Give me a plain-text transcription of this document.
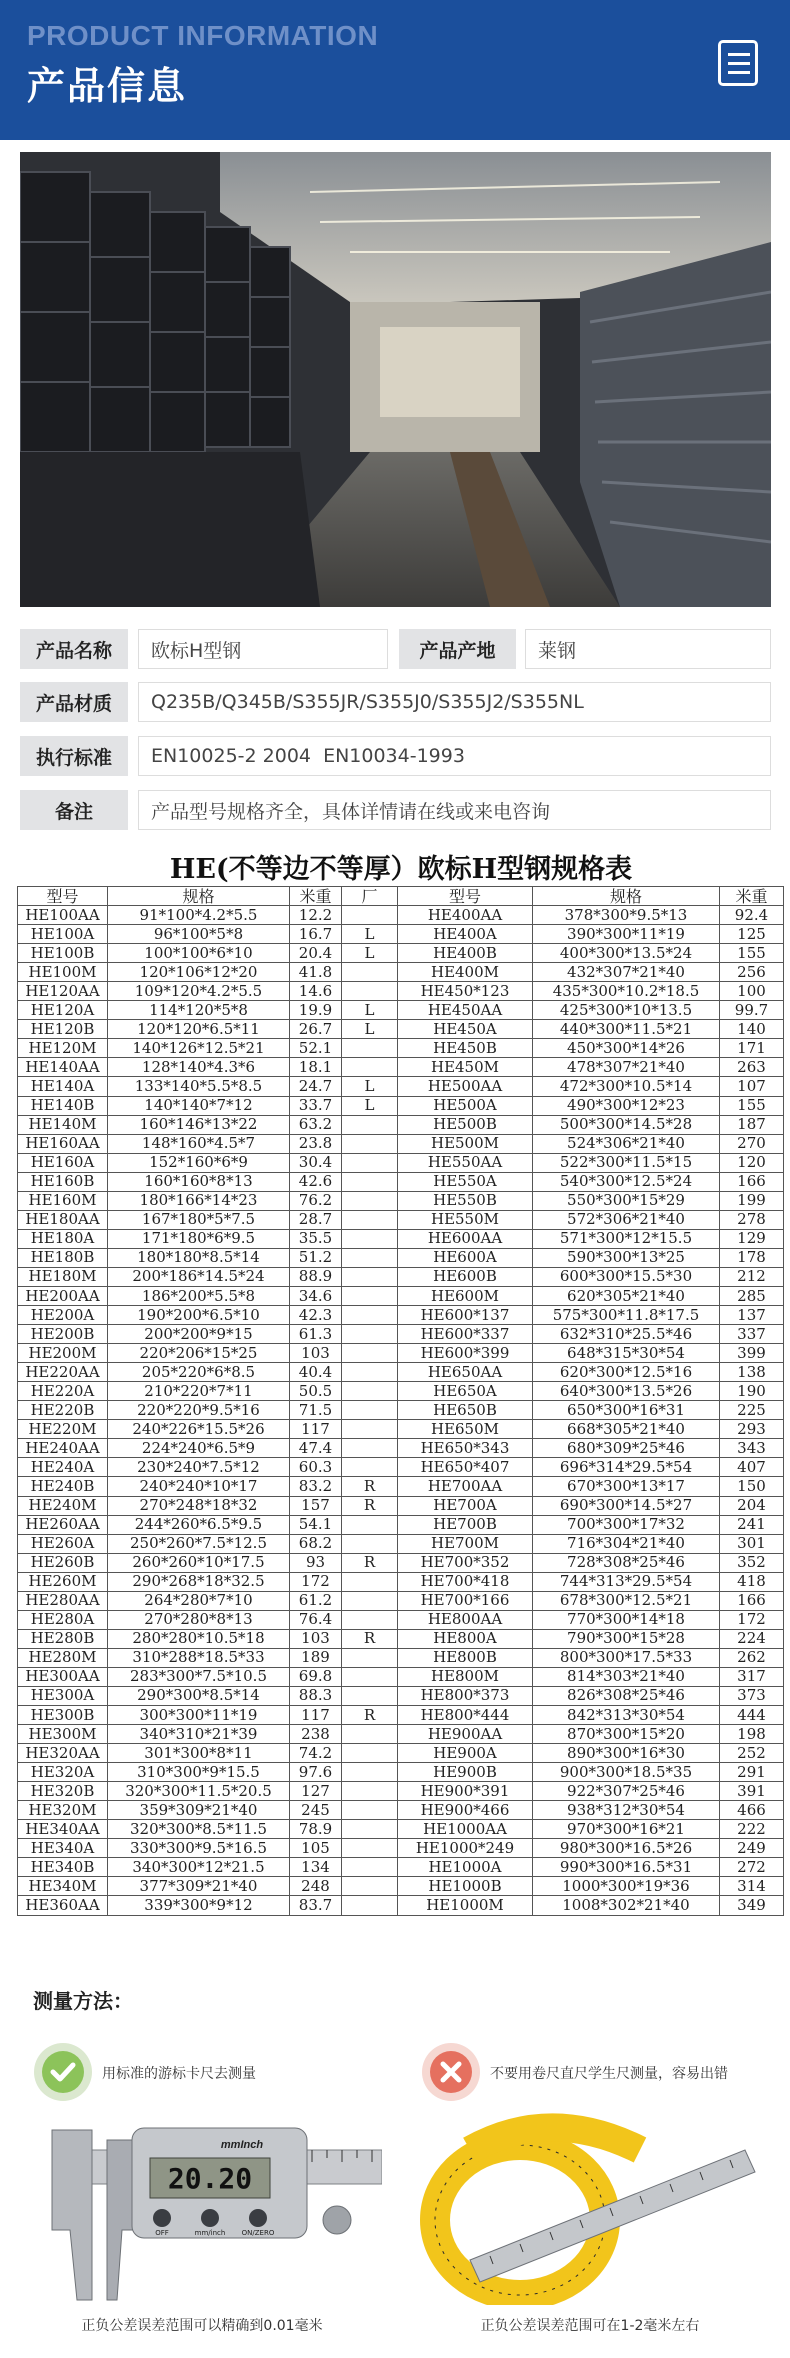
PRODUCT INFORMATION
产品信息
产品名称	欧标H型钢	产品产地	莱钢
产品材质	Q235B/Q345B/S355JR/S355J0/S355J2/S355NL
执行标准	EN10025-2 2004  EN10034-1993
备注	产品型号规格齐全，具体详情请在线或来电咨询
HE(不等边不等厚）欧标H型钢规格表
型号	规格	米重	厂	型号	规格	米重
HE100AA	91*100*4.2*5.5	12.2		HE400AA	378*300*9.5*13	92.4
HE100A	96*100*5*8	16.7	L	HE400A	390*300*11*19	125
HE100B	100*100*6*10	20.4	L	HE400B	400*300*13.5*24	155
HE100M	120*106*12*20	41.8		HE400M	432*307*21*40	256
HE120AA	109*120*4.2*5.5	14.6		HE450*123	435*300*10.2*18.5	100
HE120A	114*120*5*8	19.9	L	HE450AA	425*300*10*13.5	99.7
HE120B	120*120*6.5*11	26.7	L	HE450A	440*300*11.5*21	140
HE120M	140*126*12.5*21	52.1		HE450B	450*300*14*26	171
HE140AA	128*140*4.3*6	18.1		HE450M	478*307*21*40	263
HE140A	133*140*5.5*8.5	24.7	L	HE500AA	472*300*10.5*14	107
HE140B	140*140*7*12	33.7	L	HE500A	490*300*12*23	155
HE140M	160*146*13*22	63.2		HE500B	500*300*14.5*28	187
HE160AA	148*160*4.5*7	23.8		HE500M	524*306*21*40	270
HE160A	152*160*6*9	30.4		HE550AA	522*300*11.5*15	120
HE160B	160*160*8*13	42.6		HE550A	540*300*12.5*24	166
HE160M	180*166*14*23	76.2		HE550B	550*300*15*29	199
HE180AA	167*180*5*7.5	28.7		HE550M	572*306*21*40	278
HE180A	171*180*6*9.5	35.5		HE600AA	571*300*12*15.5	129
HE180B	180*180*8.5*14	51.2		HE600A	590*300*13*25	178
HE180M	200*186*14.5*24	88.9		HE600B	600*300*15.5*30	212
HE200AA	186*200*5.5*8	34.6		HE600M	620*305*21*40	285
HE200A	190*200*6.5*10	42.3		HE600*137	575*300*11.8*17.5	137
HE200B	200*200*9*15	61.3		HE600*337	632*310*25.5*46	337
HE200M	220*206*15*25	103		HE600*399	648*315*30*54	399
HE220AA	205*220*6*8.5	40.4		HE650AA	620*300*12.5*16	138
HE220A	210*220*7*11	50.5		HE650A	640*300*13.5*26	190
HE220B	220*220*9.5*16	71.5		HE650B	650*300*16*31	225
HE220M	240*226*15.5*26	117		HE650M	668*305*21*40	293
HE240AA	224*240*6.5*9	47.4		HE650*343	680*309*25*46	343
HE240A	230*240*7.5*12	60.3		HE650*407	696*314*29.5*54	407
HE240B	240*240*10*17	83.2	R	HE700AA	670*300*13*17	150
HE240M	270*248*18*32	157	R	HE700A	690*300*14.5*27	204
HE260AA	244*260*6.5*9.5	54.1		HE700B	700*300*17*32	241
HE260A	250*260*7.5*12.5	68.2		HE700M	716*304*21*40	301
HE260B	260*260*10*17.5	93	R	HE700*352	728*308*25*46	352
HE260M	290*268*18*32.5	172		HE700*418	744*313*29.5*54	418
HE280AA	264*280*7*10	61.2		HE700*166	678*300*12.5*21	166
HE280A	270*280*8*13	76.4		HE800AA	770*300*14*18	172
HE280B	280*280*10.5*18	103	R	HE800A	790*300*15*28	224
HE280M	310*288*18.5*33	189		HE800B	800*300*17.5*33	262
HE300AA	283*300*7.5*10.5	69.8		HE800M	814*303*21*40	317
HE300A	290*300*8.5*14	88.3		HE800*373	826*308*25*46	373
HE300B	300*300*11*19	117	R	HE800*444	842*313*30*54	444
HE300M	340*310*21*39	238		HE900AA	870*300*15*20	198
HE320AA	301*300*8*11	74.2		HE900A	890*300*16*30	252
HE320A	310*300*9*15.5	97.6		HE900B	900*300*18.5*35	291
HE320B	320*300*11.5*20.5	127		HE900*391	922*307*25*46	391
HE320M	359*309*21*40	245		HE900*466	938*312*30*54	466
HE340AA	320*300*8.5*11.5	78.9		HE1000AA	970*300*16*21	222
HE340A	330*300*9.5*16.5	105		HE1000*249	980*300*16.5*26	249
HE340B	340*300*12*21.5	134		HE1000A	990*300*16.5*31	272
HE340M	377*309*21*40	248		HE1000B	1000*300*19*36	314
HE360AA	339*300*9*12	83.7		HE1000M	1008*302*21*40	349
测量方法：
用标准的游标卡尺去测量
20.20
mmInch
OFF	mm/inch ON/ZERO
正负公差误差范围可以精确到0.01毫米
不要用卷尺直尺学生尺测量，容易出错
正负公差误差范围可在1-2毫米左右
